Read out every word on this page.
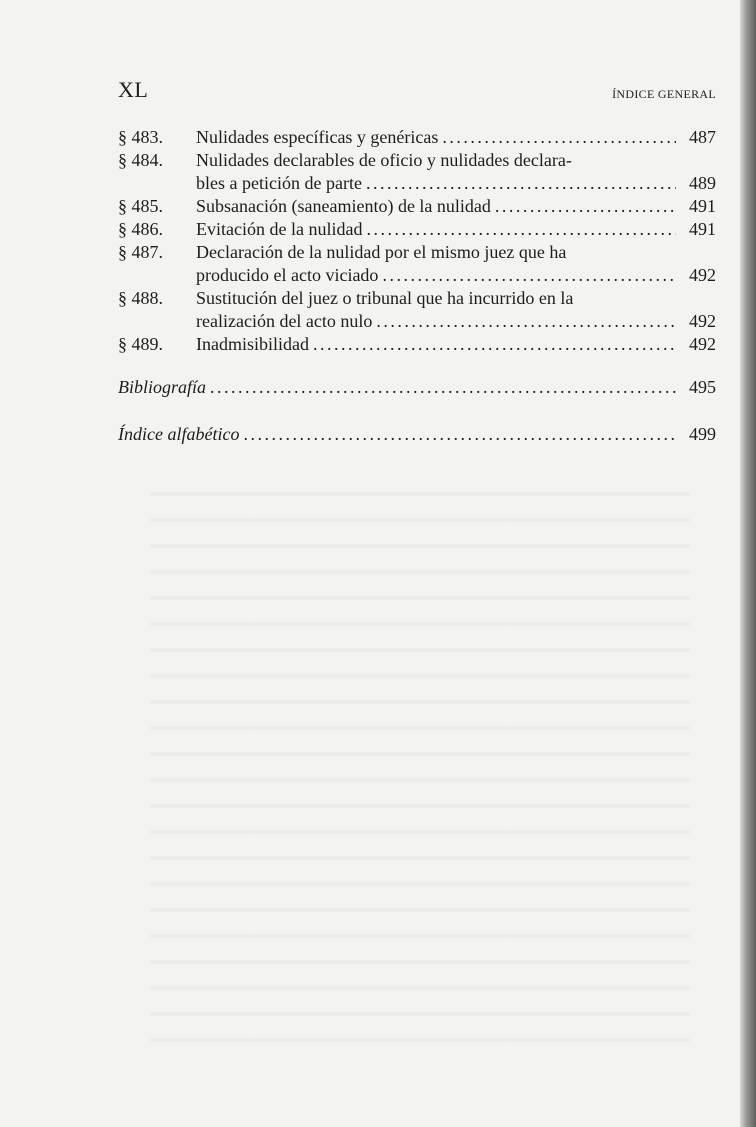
XL	ÍNDICE GENERAL
§ 483. Nulidades específicas y genéricas .....	487
§ 484. Nulidades declarables de oficio y nulidades declara-
bles a petición de parte .....	489
§ 485. Subsanación (saneamiento) de la nulidad .....	491
§ 486. Evitación de la nulidad .....	491
§ 487. Declaración de la nulidad por el mismo juez que ha
producido el acto viciado .....	492
§ 488. Sustitución del juez o tribunal que ha incurrido en la
realización del acto nulo .....	492
§ 489. Inadmisibilidad .....	492
Bibliografía .....	495
Índice alfabético .....	499
